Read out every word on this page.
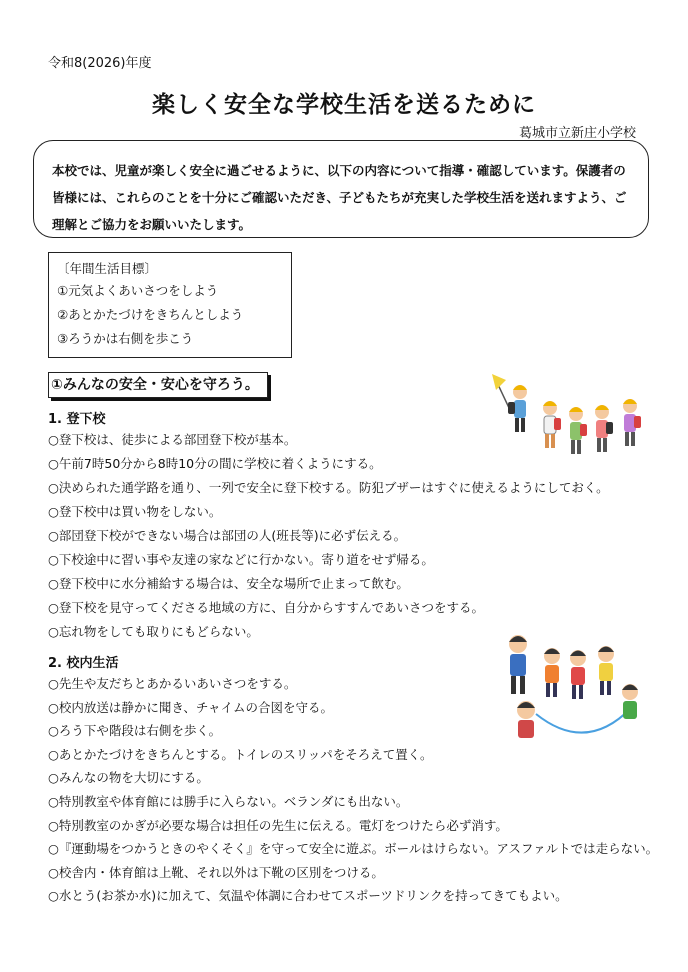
令和8(2026)年度
楽しく安全な学校生活を送るために
葛城市立新庄小学校
本校では、児童が楽しく安全に過ごせるように、以下の内容について指導・確認しています。保護者の皆様には、これらのことを十分にご確認いただき、子どもたちが充実した学校生活を送れますよう、ご理解とご協力をお願いいたします。
〔年間生活目標〕
①元気よくあいさつをしよう
②あとかたづけをきちんとしよう
③ろうかは右側を歩こう
①みんなの安全・安心を守ろう。
1. 登下校
○登下校は、徒歩による部団登下校が基本。
○午前7時50分から8時10分の間に学校に着くようにする。
○決められた通学路を通り、一列で安全に登下校する。防犯ブザーはすぐに使えるようにしておく。
○登下校中は買い物をしない。
○部団登下校ができない場合は部団の人(班長等)に必ず伝える。
○下校途中に習い事や友達の家などに行かない。寄り道をせず帰る。
○登下校中に水分補給する場合は、安全な場所で止まって飲む。
○登下校を見守ってくださる地域の方に、自分からすすんであいさつをする。
○忘れ物をしても取りにもどらない。
2. 校内生活
○先生や友だちとあかるいあいさつをする。
○校内放送は静かに聞き、チャイムの合図を守る。
○ろう下や階段は右側を歩く。
○あとかたづけをきちんとする。トイレのスリッパをそろえて置く。
○みんなの物を大切にする。
○特別教室や体育館には勝手に入らない。ベランダにも出ない。
○特別教室のかぎが必要な場合は担任の先生に伝える。電灯をつけたら必ず消す。
○『運動場をつかうときのやくそく』を守って安全に遊ぶ。ボールはけらない。アスファルトでは走らない。
○校舎内・体育館は上靴、それ以外は下靴の区別をつける。
○水とう(お茶か水)に加えて、気温や体調に合わせてスポーツドリンクを持ってきてもよい。
